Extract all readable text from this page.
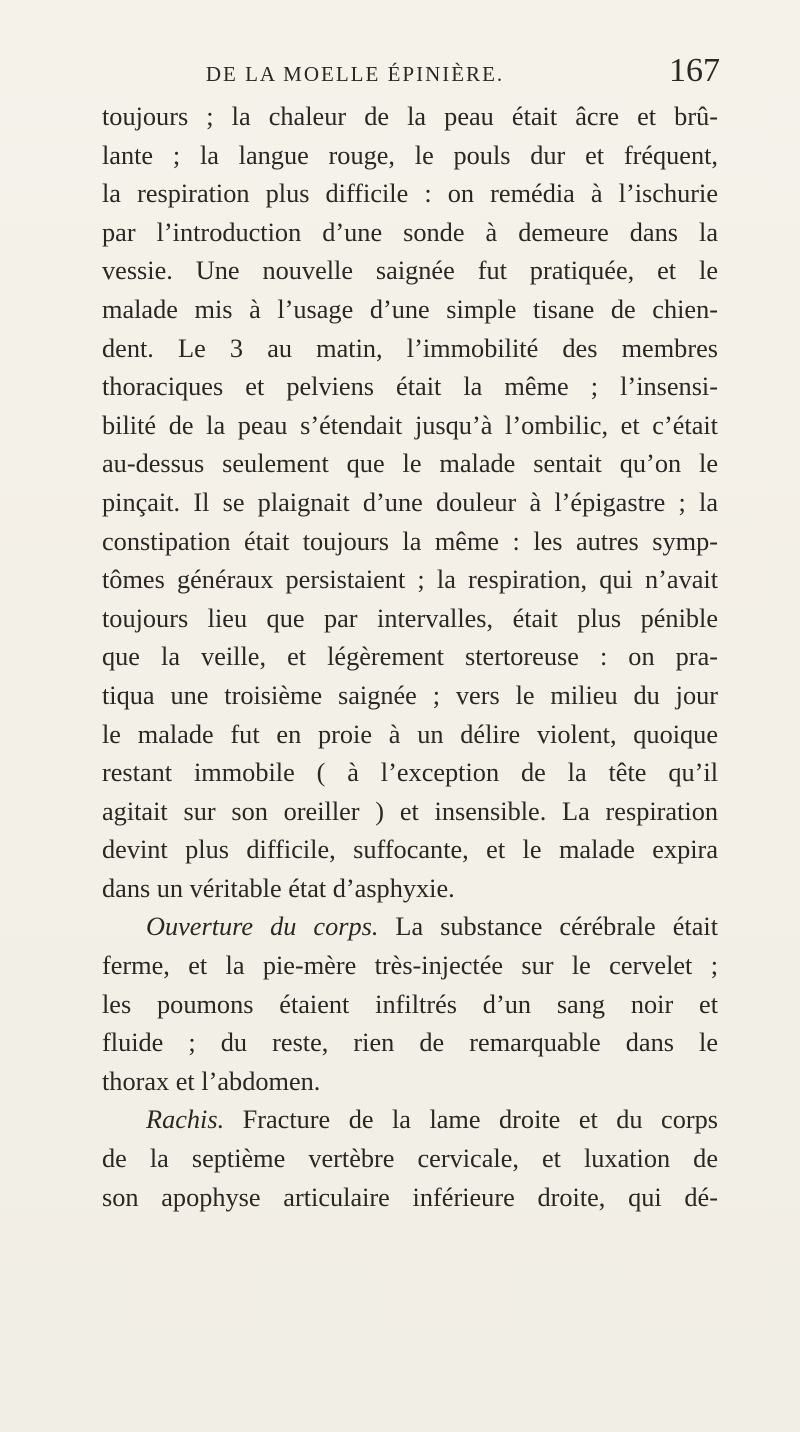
DE LA MOELLE ÉPINIÈRE.	167
toujours ; la chaleur de la peau était âcre et brû-
lante ; la langue rouge, le pouls dur et fréquent,
la respiration plus difficile : on remédia à l’ischurie
par l’introduction d’une sonde à demeure dans la
vessie. Une nouvelle saignée fut pratiquée, et le
malade mis à l’usage d’une simple tisane de chien-
dent. Le 3 au matin, l’immobilité des membres
thoraciques et pelviens était la même ; l’insensi-
bilité de la peau s’étendait jusqu’à l’ombilic, et c’était
au-dessus seulement que le malade sentait qu’on le
pinçait. Il se plaignait d’une douleur à l’épigastre ; la
constipation était toujours la même : les autres symp-
tômes généraux persistaient ; la respiration, qui n’avait
toujours lieu que par intervalles, était plus pénible
que la veille, et légèrement stertoreuse : on pra-
tiqua une troisième saignée ; vers le milieu du jour
le malade fut en proie à un délire violent, quoique
restant immobile ( à l’exception de la tête qu’il
agitait sur son oreiller ) et insensible. La respiration
devint plus difficile, suffocante, et le malade expira
dans un véritable état d’asphyxie.
Ouverture du corps. La substance cérébrale était
ferme, et la pie-mère très-injectée sur le cervelet ;
les poumons étaient infiltrés d’un sang noir et
fluide ; du reste, rien de remarquable dans le
thorax et l’abdomen.
Rachis. Fracture de la lame droite et du corps
de la septième vertèbre cervicale, et luxation de
son apophyse articulaire inférieure droite, qui dé-
